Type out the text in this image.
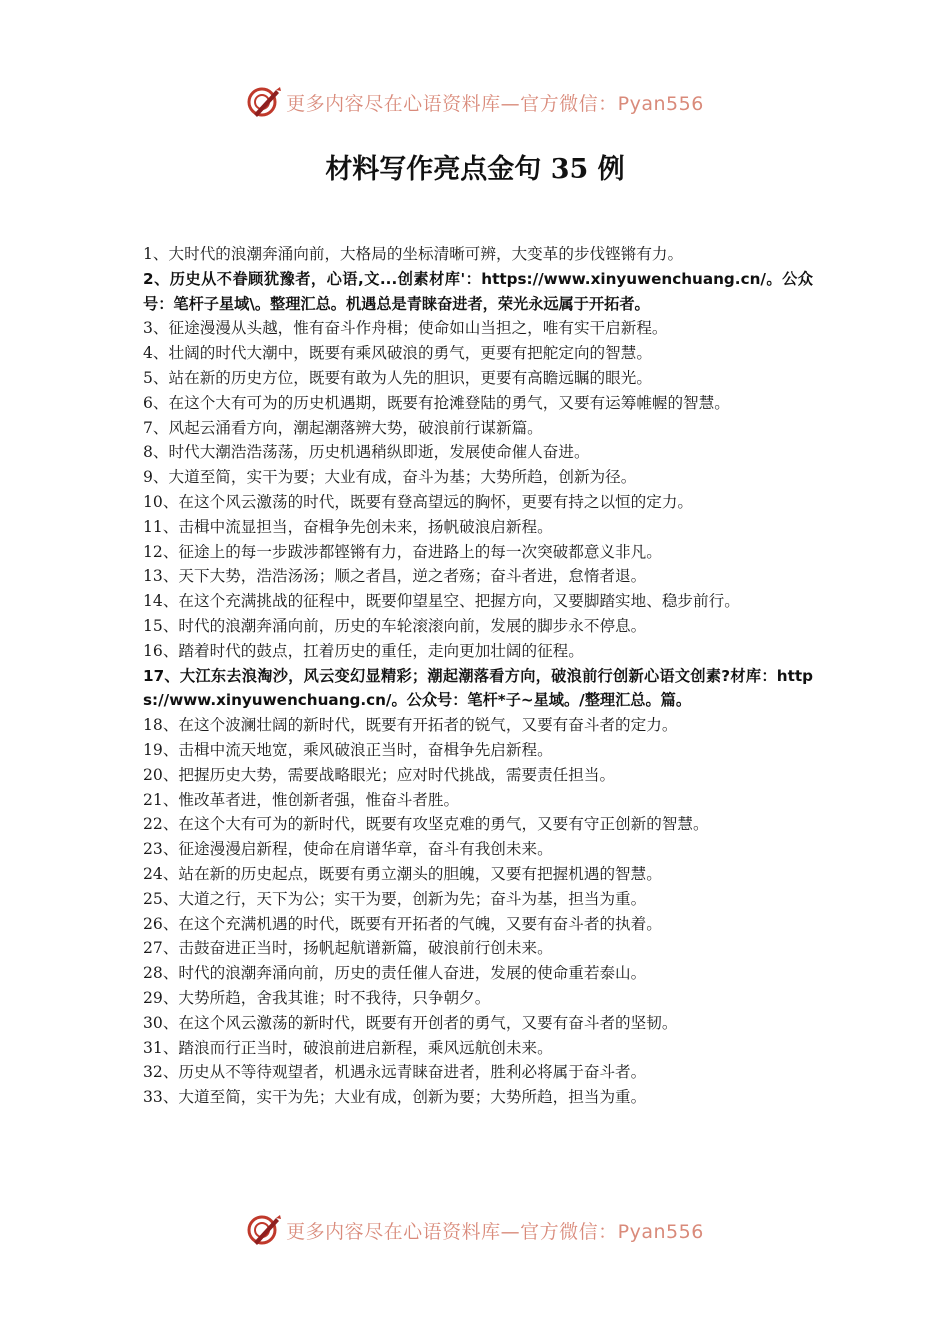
更多内容尽在心语资料库—官方微信：Pyan556
材料写作亮点金句 35 例
1、大时代的浪潮奔涌向前，大格局的坐标清晰可辨，大变革的步伐铿锵有力。
2、历史从不眷顾犹豫者，心语,文...创素材库'：https://www.xinyuwenchuang.cn/。公众号：笔杆子星域\。整理汇总。机遇总是青睐奋进者，荣光永远属于开拓者。
3、征途漫漫从头越，惟有奋斗作舟楫；使命如山当担之，唯有实干启新程。
4、壮阔的时代大潮中，既要有乘风破浪的勇气，更要有把舵定向的智慧。
5、站在新的历史方位，既要有敢为人先的胆识，更要有高瞻远瞩的眼光。
6、在这个大有可为的历史机遇期，既要有抢滩登陆的勇气，又要有运筹帷幄的智慧。
7、风起云涌看方向，潮起潮落辨大势，破浪前行谋新篇。
8、时代大潮浩浩荡荡，历史机遇稍纵即逝，发展使命催人奋进。
9、大道至简，实干为要；大业有成，奋斗为基；大势所趋，创新为径。
10、在这个风云激荡的时代，既要有登高望远的胸怀，更要有持之以恒的定力。
11、击楫中流显担当，奋楫争先创未来，扬帆破浪启新程。
12、征途上的每一步跋涉都铿锵有力，奋进路上的每一次突破都意义非凡。
13、天下大势，浩浩汤汤；顺之者昌，逆之者殇；奋斗者进，怠惰者退。
14、在这个充满挑战的征程中，既要仰望星空、把握方向，又要脚踏实地、稳步前行。
15、时代的浪潮奔涌向前，历史的车轮滚滚向前，发展的脚步永不停息。
16、踏着时代的鼓点，扛着历史的重任，走向更加壮阔的征程。
17、大江东去浪淘沙，风云变幻显精彩；潮起潮落看方向，破浪前行创新心语文创素?材库：https://www.xinyuwenchuang.cn/。公众号：笔杆*子~星域。/整理汇总。篇。
18、在这个波澜壮阔的新时代，既要有开拓者的锐气，又要有奋斗者的定力。
19、击楫中流天地宽，乘风破浪正当时，奋楫争先启新程。
20、把握历史大势，需要战略眼光；应对时代挑战，需要责任担当。
21、惟改革者进，惟创新者强，惟奋斗者胜。
22、在这个大有可为的新时代，既要有攻坚克难的勇气，又要有守正创新的智慧。
23、征途漫漫启新程，使命在肩谱华章，奋斗有我创未来。
24、站在新的历史起点，既要有勇立潮头的胆魄，又要有把握机遇的智慧。
25、大道之行，天下为公；实干为要，创新为先；奋斗为基，担当为重。
26、在这个充满机遇的时代，既要有开拓者的气魄，又要有奋斗者的执着。
27、击鼓奋进正当时，扬帆起航谱新篇，破浪前行创未来。
28、时代的浪潮奔涌向前，历史的责任催人奋进，发展的使命重若泰山。
29、大势所趋，舍我其谁；时不我待，只争朝夕。
30、在这个风云激荡的新时代，既要有开创者的勇气，又要有奋斗者的坚韧。
31、踏浪而行正当时，破浪前进启新程，乘风远航创未来。
32、历史从不等待观望者，机遇永远青睐奋进者，胜利必将属于奋斗者。
33、大道至简，实干为先；大业有成，创新为要；大势所趋，担当为重。
更多内容尽在心语资料库—官方微信：Pyan556
